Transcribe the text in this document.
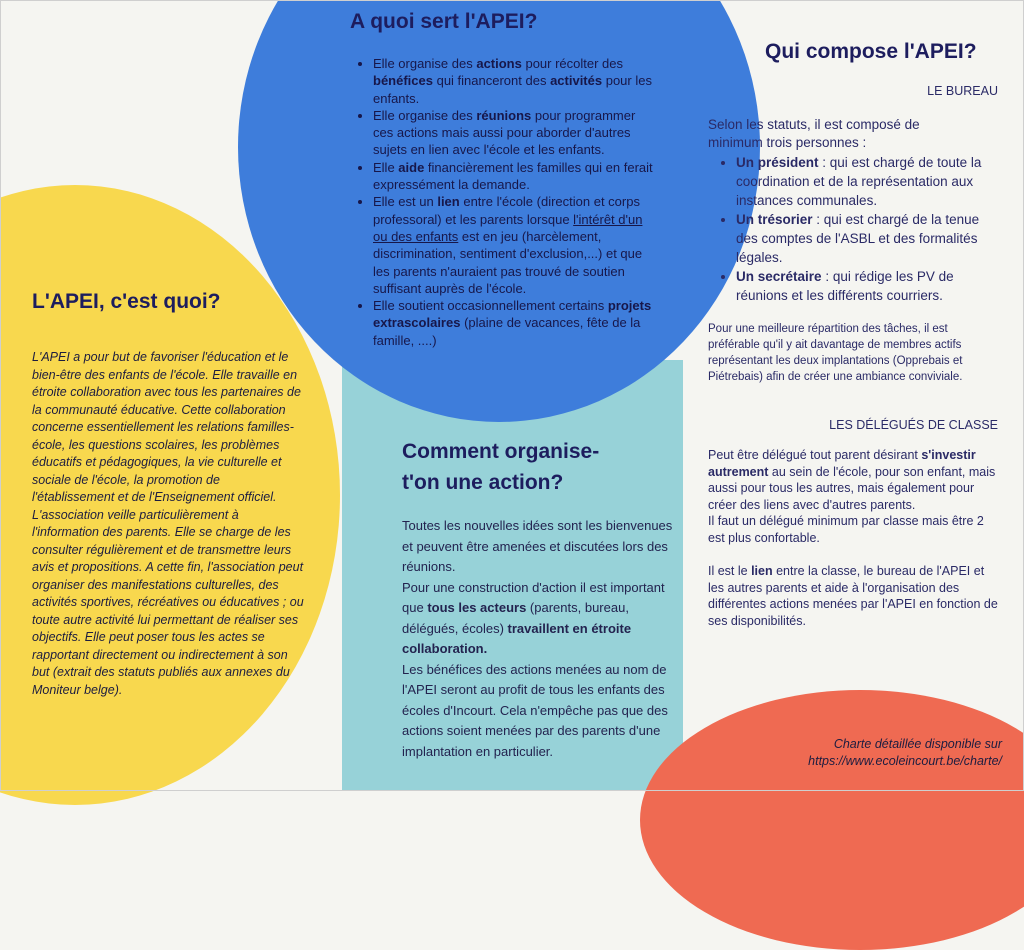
A quoi sert l'APEI?
• Elle organise des actions pour récolter des bénéfices qui financeront des activités pour les enfants.
• Elle organise des réunions pour programmer ces actions mais aussi pour aborder d'autres sujets en lien avec l'école et les enfants.
• Elle aide financièrement les familles qui en ferait expressément la demande.
• Elle est un lien entre l'école (direction et corps professoral) et les parents lorsque l'intérêt d'un ou des enfants est en jeu (harcèlement, discrimination, sentiment d'exclusion,...) et que les parents n'auraient pas trouvé de soutien suffisant auprès de l'école.
• Elle soutient occasionnellement certains projets extrascolaires (plaine de vacances, fête de la famille, ....)
L'APEI, c'est quoi?

L'APEI a pour but de favoriser l'éducation et le bien-être des enfants de l'école. Elle travaille en étroite collaboration avec tous les partenaires de la communauté éducative. Cette collaboration concerne essentiellement les relations familles-école, les questions scolaires, les problèmes éducatifs et pédagogiques, la vie culturelle et sociale de l'école, la promotion de l'établissement et de l'Enseignement officiel. L'association veille particulièrement à l'information des parents. Elle se charge de les consulter régulièrement et de transmettre leurs avis et propositions. A cette fin, l'association peut organiser des manifestations culturelles, des activités sportives, récréatives ou éducatives ; ou toute autre activité lui permettant de réaliser ses objectifs. Elle peut poser tous les actes se rapportant directement ou indirectement à son but (extrait des statuts publiés aux annexes du Moniteur belge).

Comment organise-
t'on une action?
Toutes les nouvelles idées sont les bienvenues et peuvent être amenées et discutées lors des réunions.
Pour une construction d'action il est important que tous les acteurs (parents, bureau, délégués, écoles) travaillent en étroite collaboration.
Les bénéfices des actions menées au nom de l'APEI seront au profit de tous les enfants des écoles d'Incourt. Cela n'empêche pas que des actions soient menées par des parents d'une implantation en particulier.
Qui compose l'APEI?
LE BUREAU
Selon les statuts, il est composé de minimum trois personnes :
• Un président : qui est chargé de toute la coordination et de la représentation aux instances communales.
• Un trésorier : qui est chargé de la tenue des comptes de l'ASBL et des formalités légales.
• Un secrétaire : qui rédige les PV de réunions et les différents courriers.
Pour une meilleure répartition des tâches, il est préférable qu'il y ait davantage de membres actifs représentant les deux implantations (Opprebais et Piétrebais) afin de créer une ambiance conviviale.
LES DÉLÉGUÉS DE CLASSE
Peut être délégué tout parent désirant s'investir autrement au sein de l'école, pour son enfant, mais aussi pour tous les autres, mais également pour créer des liens avec d'autres parents.
Il faut un délégué minimum par classe mais être 2 est plus confortable.
Il est le lien entre la classe, le bureau de l'APEI et les autres parents et aide à l'organisation des différentes actions menées par l'APEI en fonction de ses disponibilités.
Charte détaillée disponible sur
https://www.ecoleincourt.be/charte/
